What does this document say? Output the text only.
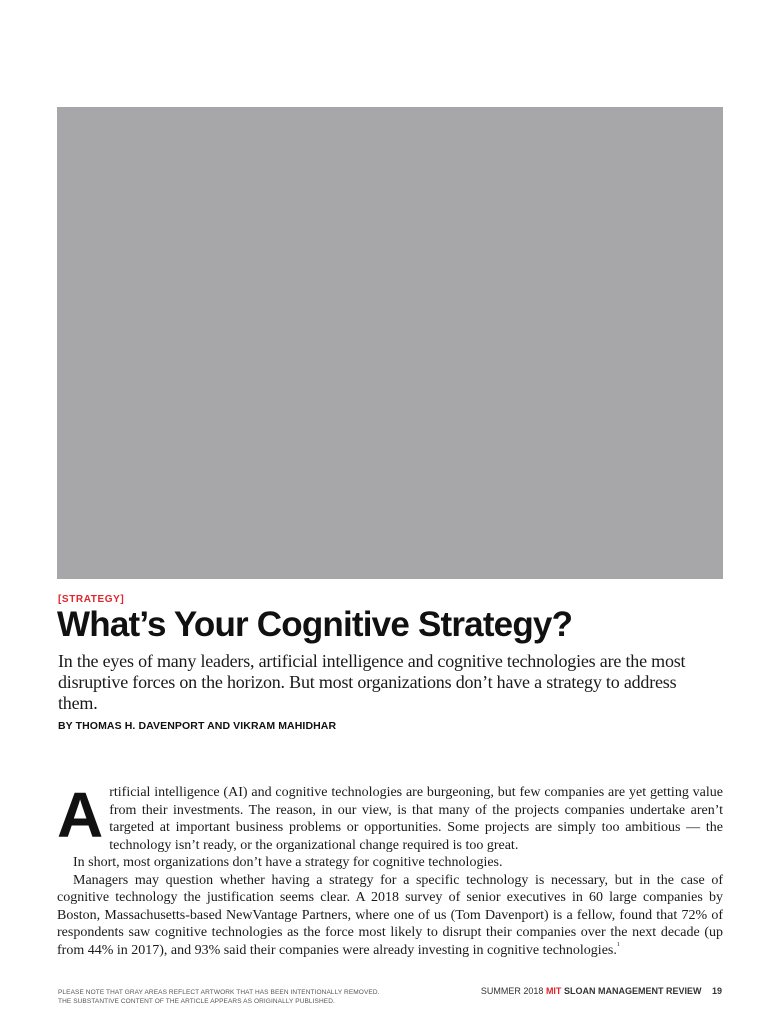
[STRATEGY]
What’s Your Cognitive Strategy?

In the eyes of many leaders, artificial intelligence and cognitive technologies are the most disruptive forces on the horizon. But most organizations don’t have a strategy to address them.

BY THOMAS H. DAVENPORT AND VIKRAM MAHIDHAR

Artificial intelligence (AI) and cognitive technologies are burgeoning, but few companies are yet getting value from their investments. The reason, in our view, is that many of the projects companies undertake aren’t targeted at important business problems or opportunities. Some projects are simply too ambitious — the technology isn’t ready, or the organizational change required is too great.

In short, most organizations don’t have a strategy for cognitive technologies.

Managers may question whether having a strategy for a specific technology is necessary, but in the case of cognitive technology the justification seems clear. A 2018 survey of senior executives in 60 large companies by Boston, Massachusetts-based NewVantage Partners, where one of us (Tom Davenport) is a fellow, found that 72% of respondents saw cognitive technologies as the force most likely to disrupt their companies over the next decade (up from 44% in 2017), and 93% said their companies were already investing in cognitive technologies.$^1$

PLEASE NOTE THAT GRAY AREAS REFLECT ARTWORK THAT HAS BEEN INTENTIONALLY REMOVED.
THE SUBSTANTIVE CONTENT OF THE ARTICLE APPEARS AS ORIGINALLY PUBLISHED.
SUMMER 2018 MIT SLOAN MANAGEMENT REVIEW 19
